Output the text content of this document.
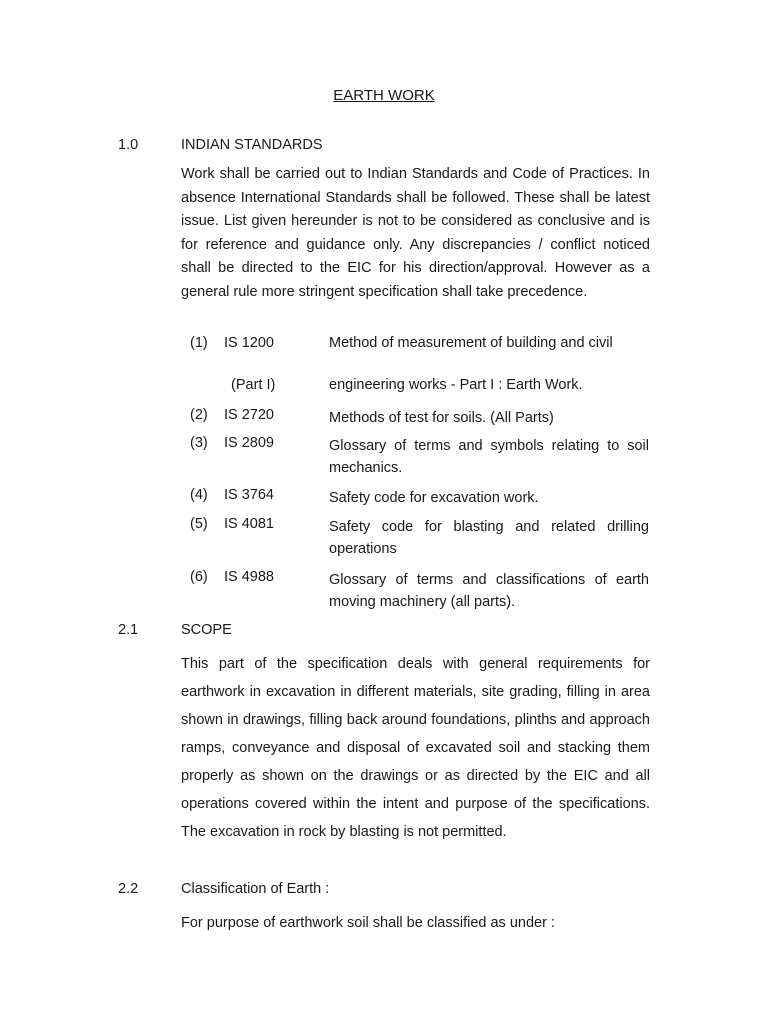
EARTH WORK
1.0	INDIAN STANDARDS

Work shall be carried out to Indian Standards and Code of Practices. In absence International Standards shall be followed. These shall be latest issue. List given hereunder is not to be considered as conclusive and is for reference and guidance only. Any discrepancies / conflict noticed shall be directed to the EIC for his direction/approval. However as a general rule more stringent specification shall take precedence.

(1) IS 1200	Method of measurement of building and civil
(Part I)	engineering works - Part I : Earth Work.
(2) IS 2720	Methods of test for soils. (All Parts)
(3) IS 2809	Glossary of terms and symbols relating to soil mechanics.
(4) IS 3764	Safety code for excavation work.
(5) IS 4081	Safety code for blasting and related drilling operations
(6) IS 4988	Glossary of terms and classifications of earth moving machinery (all parts).
2.1	SCOPE

This part of the specification deals with general requirements for earthwork in excavation in different materials, site grading, filling in area shown in drawings, filling back around foundations, plinths and approach ramps, conveyance and disposal of excavated soil and stacking them properly as shown on the drawings or as directed by the EIC and all operations covered within the intent and purpose of the specifications. The excavation in rock by blasting is not permitted.

2.2	Classification of Earth :
For purpose of earthwork soil shall be classified as under :
